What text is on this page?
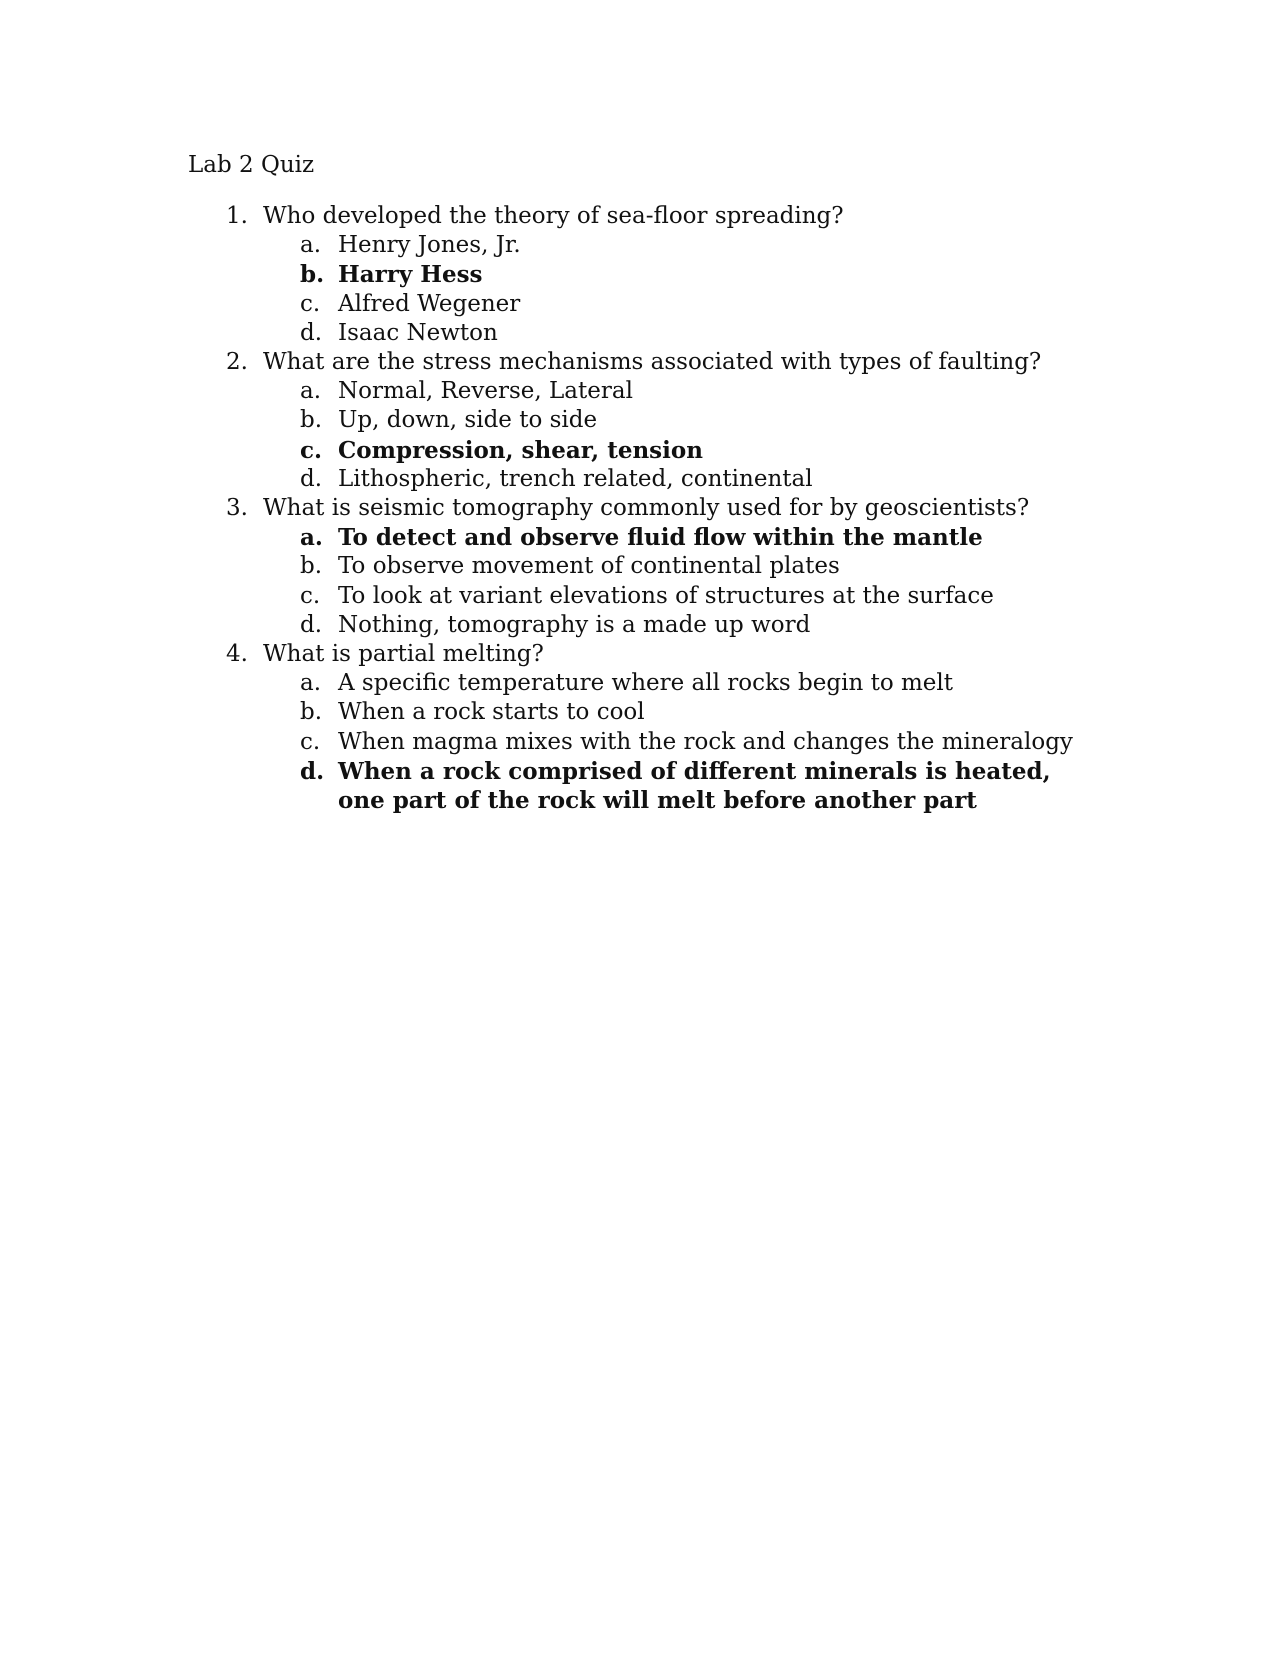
Lab 2 Quiz
1. Who developed the theory of sea-floor spreading?
a. Henry Jones, Jr.
b. Harry Hess
c. Alfred Wegener
d. Isaac Newton
2. What are the stress mechanisms associated with types of faulting?
a. Normal, Reverse, Lateral
b. Up, down, side to side
c. Compression, shear, tension
d. Lithospheric, trench related, continental
3. What is seismic tomography commonly used for by geoscientists?
a. To detect and observe fluid flow within the mantle
b. To observe movement of continental plates
c. To look at variant elevations of structures at the surface
d. Nothing, tomography is a made up word
4. What is partial melting?
a. A specific temperature where all rocks begin to melt
b. When a rock starts to cool
c. When magma mixes with the rock and changes the mineralogy
d. When a rock comprised of different minerals is heated, one part of the rock will melt before another part
